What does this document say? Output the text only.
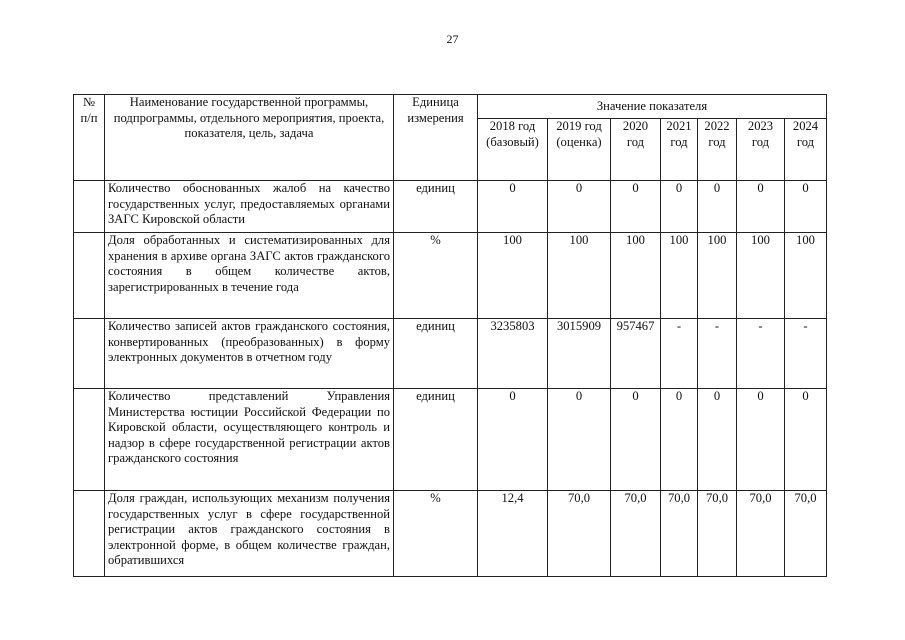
27
№ п/п	Наименование государственной программы, подпрограммы, отдельного мероприятия, проекта, показателя, цель, задача	Единица измерения	Значение показателя						
			2018 год (базовый)	2019 год (оценка)	2020 год	2021 год	2022 год	2023 год	2024 год
	Количество обоснованных жалоб на качество государственных услуг, предоставляемых органами ЗАГС Кировской области	единиц	0	0	0	0	0	0	0
	Доля обработанных и систематизированных для хранения в архиве органа ЗАГС актов гражданского состояния в общем количестве актов, зарегистрированных в течение года	%	100	100	100	100	100	100	100
	Количество записей актов гражданского состояния, конвертированных (преобразованных) в форму электронных документов в отчетном году	единиц	3235803	3015909	957467	-	-	-	-
	Количество представлений Управления Министерства юстиции Российской Федерации по Кировской области, осуществляющего контроль и надзор в сфере государственной регистрации актов гражданского состояния	единиц	0	0	0	0	0	0	0
	Доля граждан, использующих механизм получения государственных услуг в сфере государственной регистрации актов гражданского состояния в электронной форме, в общем количестве граждан, обратившихся	%	12,4	70,0	70,0	70,0	70,0	70,0	70,0
